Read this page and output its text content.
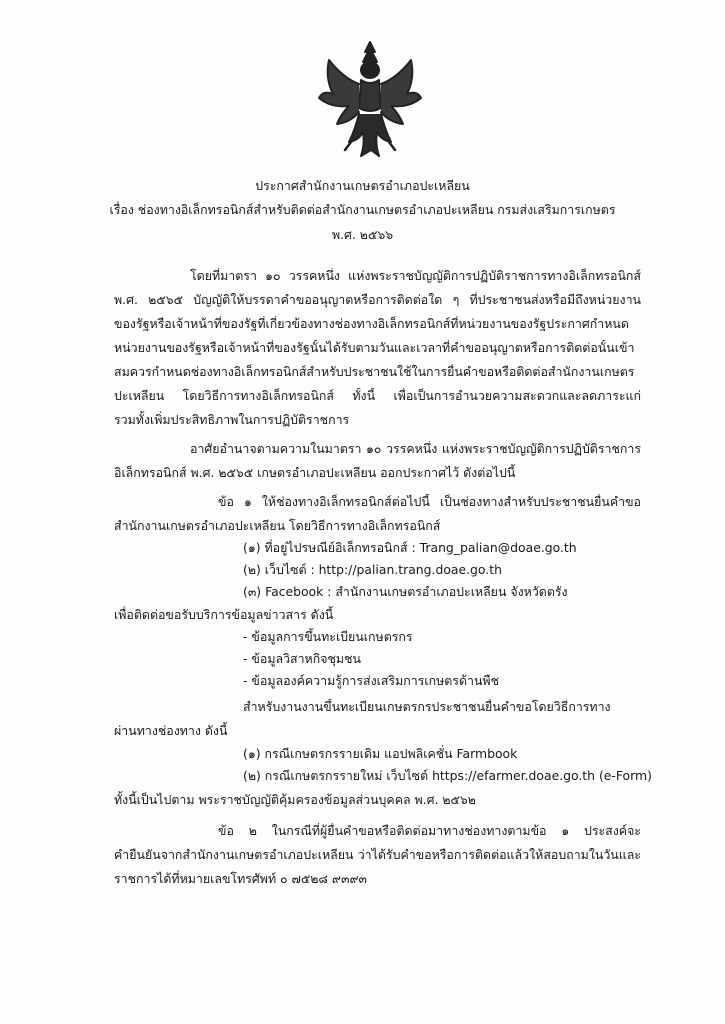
ประกาศสำนักงานเกษตรอำเภอปะเหลียน
เรื่อง ช่องทางอิเล็กทรอนิกส์สำหรับติดต่อสำนักงานเกษตรอำเภอปะเหลียน กรมส่งเสริมการเกษตร
พ.ศ. ๒๕๖๖
โดยที่มาตรา ๑๐ วรรคหนึ่ง แห่งพระราชบัญญัติการปฏิบัติราชการทางอิเล็กทรอนิกส์
พ.ศ. ๒๕๖๕ บัญญัติให้บรรดาคำขออนุญาตหรือการติดต่อใด ๆ ที่ประชาชนส่งหรือมีถึงหน่วยงาน
ของรัฐหรือเจ้าหน้าที่ของรัฐที่เกี่ยวข้องทางช่องทางอิเล็กทรอนิกส์ที่หน่วยงานของรัฐประกาศกำหนด
หน่วยงานของรัฐหรือเจ้าหน้าที่ของรัฐนั้นได้รับตามวันและเวลาที่คำขออนุญาตหรือการติดต่อนั้นเข้า
สมควรกำหนดช่องทางอิเล็กทรอนิกส์สำหรับประชาชนใช้ในการยื่นคำขอหรือติดต่อสำนักงานเกษตร
ปะเหลียน โดยวิธีการทางอิเล็กทรอนิกส์ ทั้งนี้ เพื่อเป็นการอำนวยความสะดวกและลดภาระแก่
รวมทั้งเพิ่มประสิทธิภาพในการปฏิบัติราชการ
อาศัยอำนาจตามความในมาตรา ๑๐ วรรคหนึ่ง แห่งพระราชบัญญัติการปฏิบัติราชการ
อิเล็กทรอนิกส์ พ.ศ. ๒๕๖๕ เกษตรอำเภอปะเหลียน ออกประกาศไว้ ดังต่อไปนี้
ข้อ ๑ ให้ช่องทางอิเล็กทรอนิกส์ต่อไปนี้ เป็นช่องทางสำหรับประชาชนยื่นคำขอ
สำนักงานเกษตรอำเภอปะเหลียน โดยวิธีการทางอิเล็กทรอนิกส์
(๑) ที่อยู่ไปรษณีย์อิเล็กทรอนิกส์ : Trang_palian@doae.go.th
(๒) เว็บไซต์ : http://palian.trang.doae.go.th
(๓) Facebook : สำนักงานเกษตรอำเภอปะเหลียน จังหวัดตรัง
เพื่อติดต่อขอรับบริการข้อมูลข่าวสาร ดังนี้
- ข้อมูลการขึ้นทะเบียนเกษตรกร
- ข้อมูลวิสาหกิจชุมชน
- ข้อมูลองค์ความรู้การส่งเสริมการเกษตรด้านพืช
สำหรับงานงานขึ้นทะเบียนเกษตรกรประชาชนยื่นคำขอโดยวิธีการทาง
ผ่านทางช่องทาง ดังนี้
(๑) กรณีเกษตรกรรายเดิม แอปพลิเคชั่น Farmbook
(๒) กรณีเกษตรกรรายใหม่ เว็บไซต์ https://efarmer.doae.go.th (e-Form)
ทั้งนี้เป็นไปตาม พระราชบัญญัติคุ้มครองข้อมูลส่วนบุคคล พ.ศ. ๒๕๖๒
ข้อ ๒ ในกรณีที่ผู้ยื่นคำขอหรือติดต่อมาทางช่องทางตามข้อ ๑ ประสงค์จะ
คำยืนยันจากสำนักงานเกษตรอำเภอปะเหลียน ว่าได้รับคำขอหรือการติดต่อแล้วให้สอบถามในวันและ
ราชการได้ที่หมายเลขโทรศัพท์ ๐ ๗๕๒๘ ๙๓๙๓
